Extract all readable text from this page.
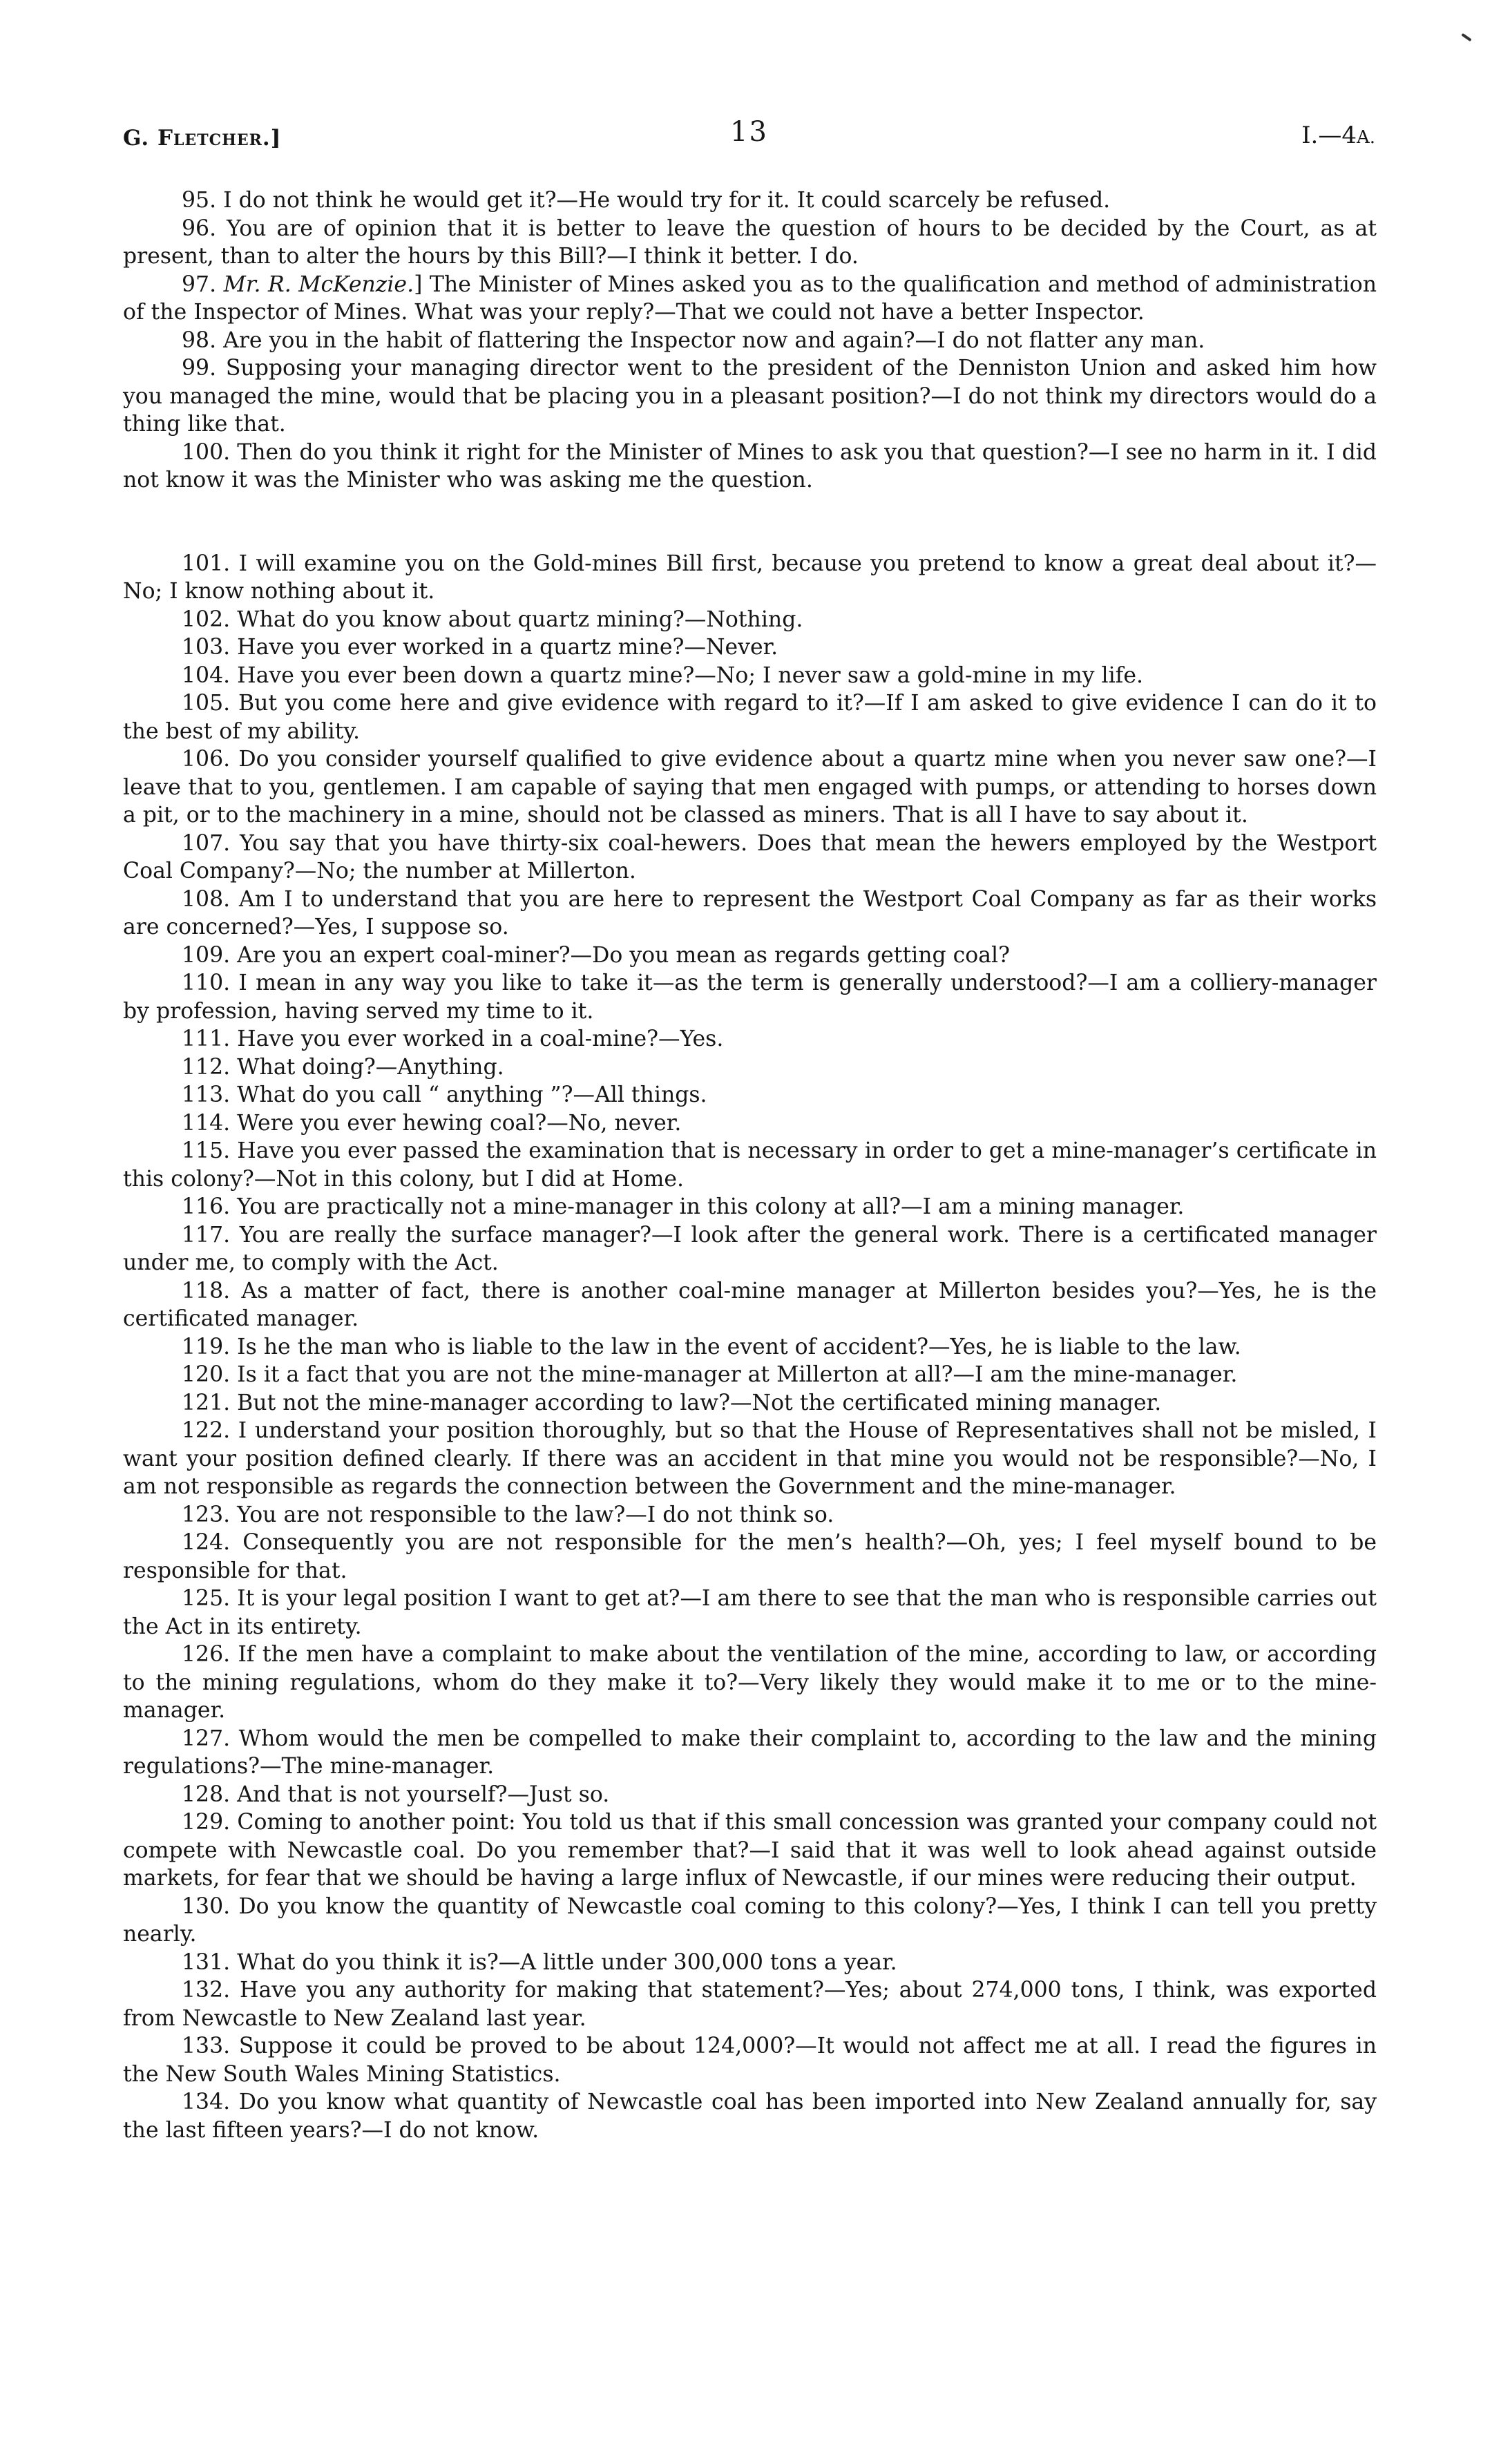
G. Fletcher.]	13	I.—4A.

95. I do not think he would get it?—He would try for it. It could scarcely be refused.

96. You are of opinion that it is better to leave the question of hours to be decided by the Court, as at present, than to alter the hours by this Bill?—I think it better. I do.

97. Mr. R. McKenzie.] The Minister of Mines asked you as to the qualification and method of administration of the Inspector of Mines. What was your reply?—That we could not have a better Inspector.

98. Are you in the habit of flattering the Inspector now and again?—I do not flatter any man.

99. Supposing your managing director went to the president of the Denniston Union and asked him how you managed the mine, would that be placing you in a pleasant position?—I do not think my directors would do a thing like that.

100. Then do you think it right for the Minister of Mines to ask you that question?—I see no harm in it. I did not know it was the Minister who was asking me the question.

101. I will examine you on the Gold-mines Bill first, because you pretend to know a great deal about it?—No; I know nothing about it.

102. What do you know about quartz mining?—Nothing.

103. Have you ever worked in a quartz mine?—Never.

104. Have you ever been down a quartz mine?—No; I never saw a gold-mine in my life.

105. But you come here and give evidence with regard to it?—If I am asked to give evidence I can do it to the best of my ability.

106. Do you consider yourself qualified to give evidence about a quartz mine when you never saw one?—I leave that to you, gentlemen. I am capable of saying that men engaged with pumps, or attending to horses down a pit, or to the machinery in a mine, should not be classed as miners. That is all I have to say about it.

107. You say that you have thirty-six coal-hewers. Does that mean the hewers employed by the Westport Coal Company?—No; the number at Millerton.

108. Am I to understand that you are here to represent the Westport Coal Company as far as their works are concerned?—Yes, I suppose so.

109. Are you an expert coal-miner?—Do you mean as regards getting coal?

110. I mean in any way you like to take it—as the term is generally understood?—I am a colliery-manager by profession, having served my time to it.

111. Have you ever worked in a coal-mine?—Yes.

112. What doing?—Anything.

113. What do you call “ anything ”?—All things.

114. Were you ever hewing coal?—No, never.

115. Have you ever passed the examination that is necessary in order to get a mine-manager’s certificate in this colony?—Not in this colony, but I did at Home.

116. You are practically not a mine-manager in this colony at all?—I am a mining manager.

117. You are really the surface manager?—I look after the general work. There is a certificated manager under me, to comply with the Act.

118. As a matter of fact, there is another coal-mine manager at Millerton besides you?—Yes, he is the certificated manager.

119. Is he the man who is liable to the law in the event of accident?—Yes, he is liable to the law.

120. Is it a fact that you are not the mine-manager at Millerton at all?—I am the mine-manager.

121. But not the mine-manager according to law?—Not the certificated mining manager.

122. I understand your position thoroughly, but so that the House of Representatives shall not be misled, I want your position defined clearly. If there was an accident in that mine you would not be responsible?—No, I am not responsible as regards the connection between the Government and the mine-manager.

123. You are not responsible to the law?—I do not think so.

124. Consequently you are not responsible for the men’s health?—Oh, yes; I feel myself bound to be responsible for that.

125. It is your legal position I want to get at?—I am there to see that the man who is responsible carries out the Act in its entirety.

126. If the men have a complaint to make about the ventilation of the mine, according to law, or according to the mining regulations, whom do they make it to?—Very likely they would make it to me or to the mine-manager.

127. Whom would the men be compelled to make their complaint to, according to the law and the mining regulations?—The mine-manager.

128. And that is not yourself?—Just so.

129. Coming to another point: You told us that if this small concession was granted your company could not compete with Newcastle coal. Do you remember that?—I said that it was well to look ahead against outside markets, for fear that we should be having a large influx of Newcastle, if our mines were reducing their output.

130. Do you know the quantity of Newcastle coal coming to this colony?—Yes, I think I can tell you pretty nearly.

131. What do you think it is?—A little under 300,000 tons a year.

132. Have you any authority for making that statement?—Yes; about 274,000 tons, I think, was exported from Newcastle to New Zealand last year.

133. Suppose it could be proved to be about 124,000?—It would not affect me at all. I read the figures in the New South Wales Mining Statistics.

134. Do you know what quantity of Newcastle coal has been imported into New Zealand annually for, say the last fifteen years?—I do not know.
